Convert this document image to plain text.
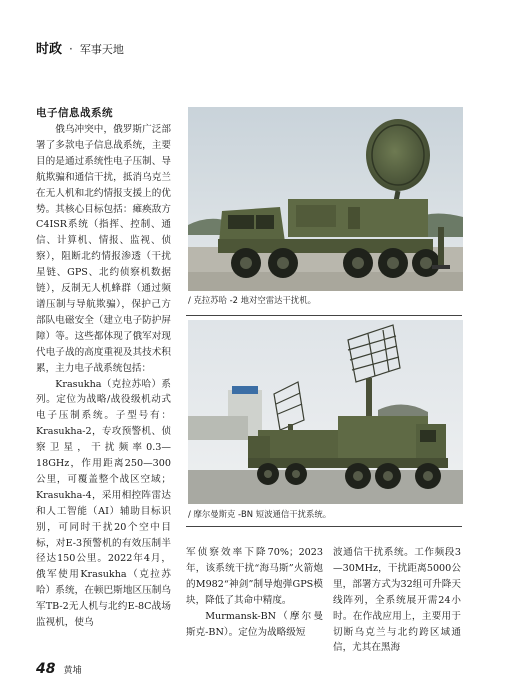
时政 · 军事天地
电子信息战系统

俄乌冲突中，俄罗斯广泛部署了多款电子信息战系统，主要目的是通过系统性电子压制、导航欺骗和通信干扰，抵消乌克兰在无人机和北约情报支援上的优势。其核心目标包括：瘫痪敌方C4ISR系统（指挥、控制、通信、计算机、情报、监视、侦察），阻断北约情报渗透（干扰星链、GPS、北约侦察机数据链），反制无人机蜂群（通过频谱压制与导航欺骗），保护己方部队电磁安全（建立电子防护屏障）等。这些都体现了俄军对现代电子战的高度重视及其技术积累，主力电子战系统包括：

Krasukha（克拉苏哈）系列。定位为战略/战役级机动式电子压制系统。子型号有：Krasukha-2，专攻预警机、侦察卫星，干扰频率0.3—18GHz，作用距离250—300公里，可覆盖整个战区空域；Krasukha-4，采用相控阵雷达和人工智能（AI）辅助目标识别，可同时干扰20个空中目标，对E-3预警机的有效压制半径达150公里。2022年4月，俄军使用Krasukha（克拉苏哈）系统，在顿巴斯地区压制乌军TB-2无人机与北约E-8C战场监视机，使乌

/ 克拉苏哈 -2 地对空雷达干扰机。
/ 摩尔曼斯克 -BN 短波通信干扰系统。

军侦察效率下降70%；2023年，该系统干扰“海马斯”火箭炮的M982“神剑”制导炮弹GPS模块，降低了其命中精度。

Murmansk-BN（摩尔曼斯克-BN）。定位为战略级短

波通信干扰系统。工作频段3—30MHz，干扰距离5000公里，部署方式为32组可升降天线阵列，全系统展开需24小时。在作战应用上，主要用于切断乌克兰与北约跨区域通信，尤其在黑海

48 黄埔
